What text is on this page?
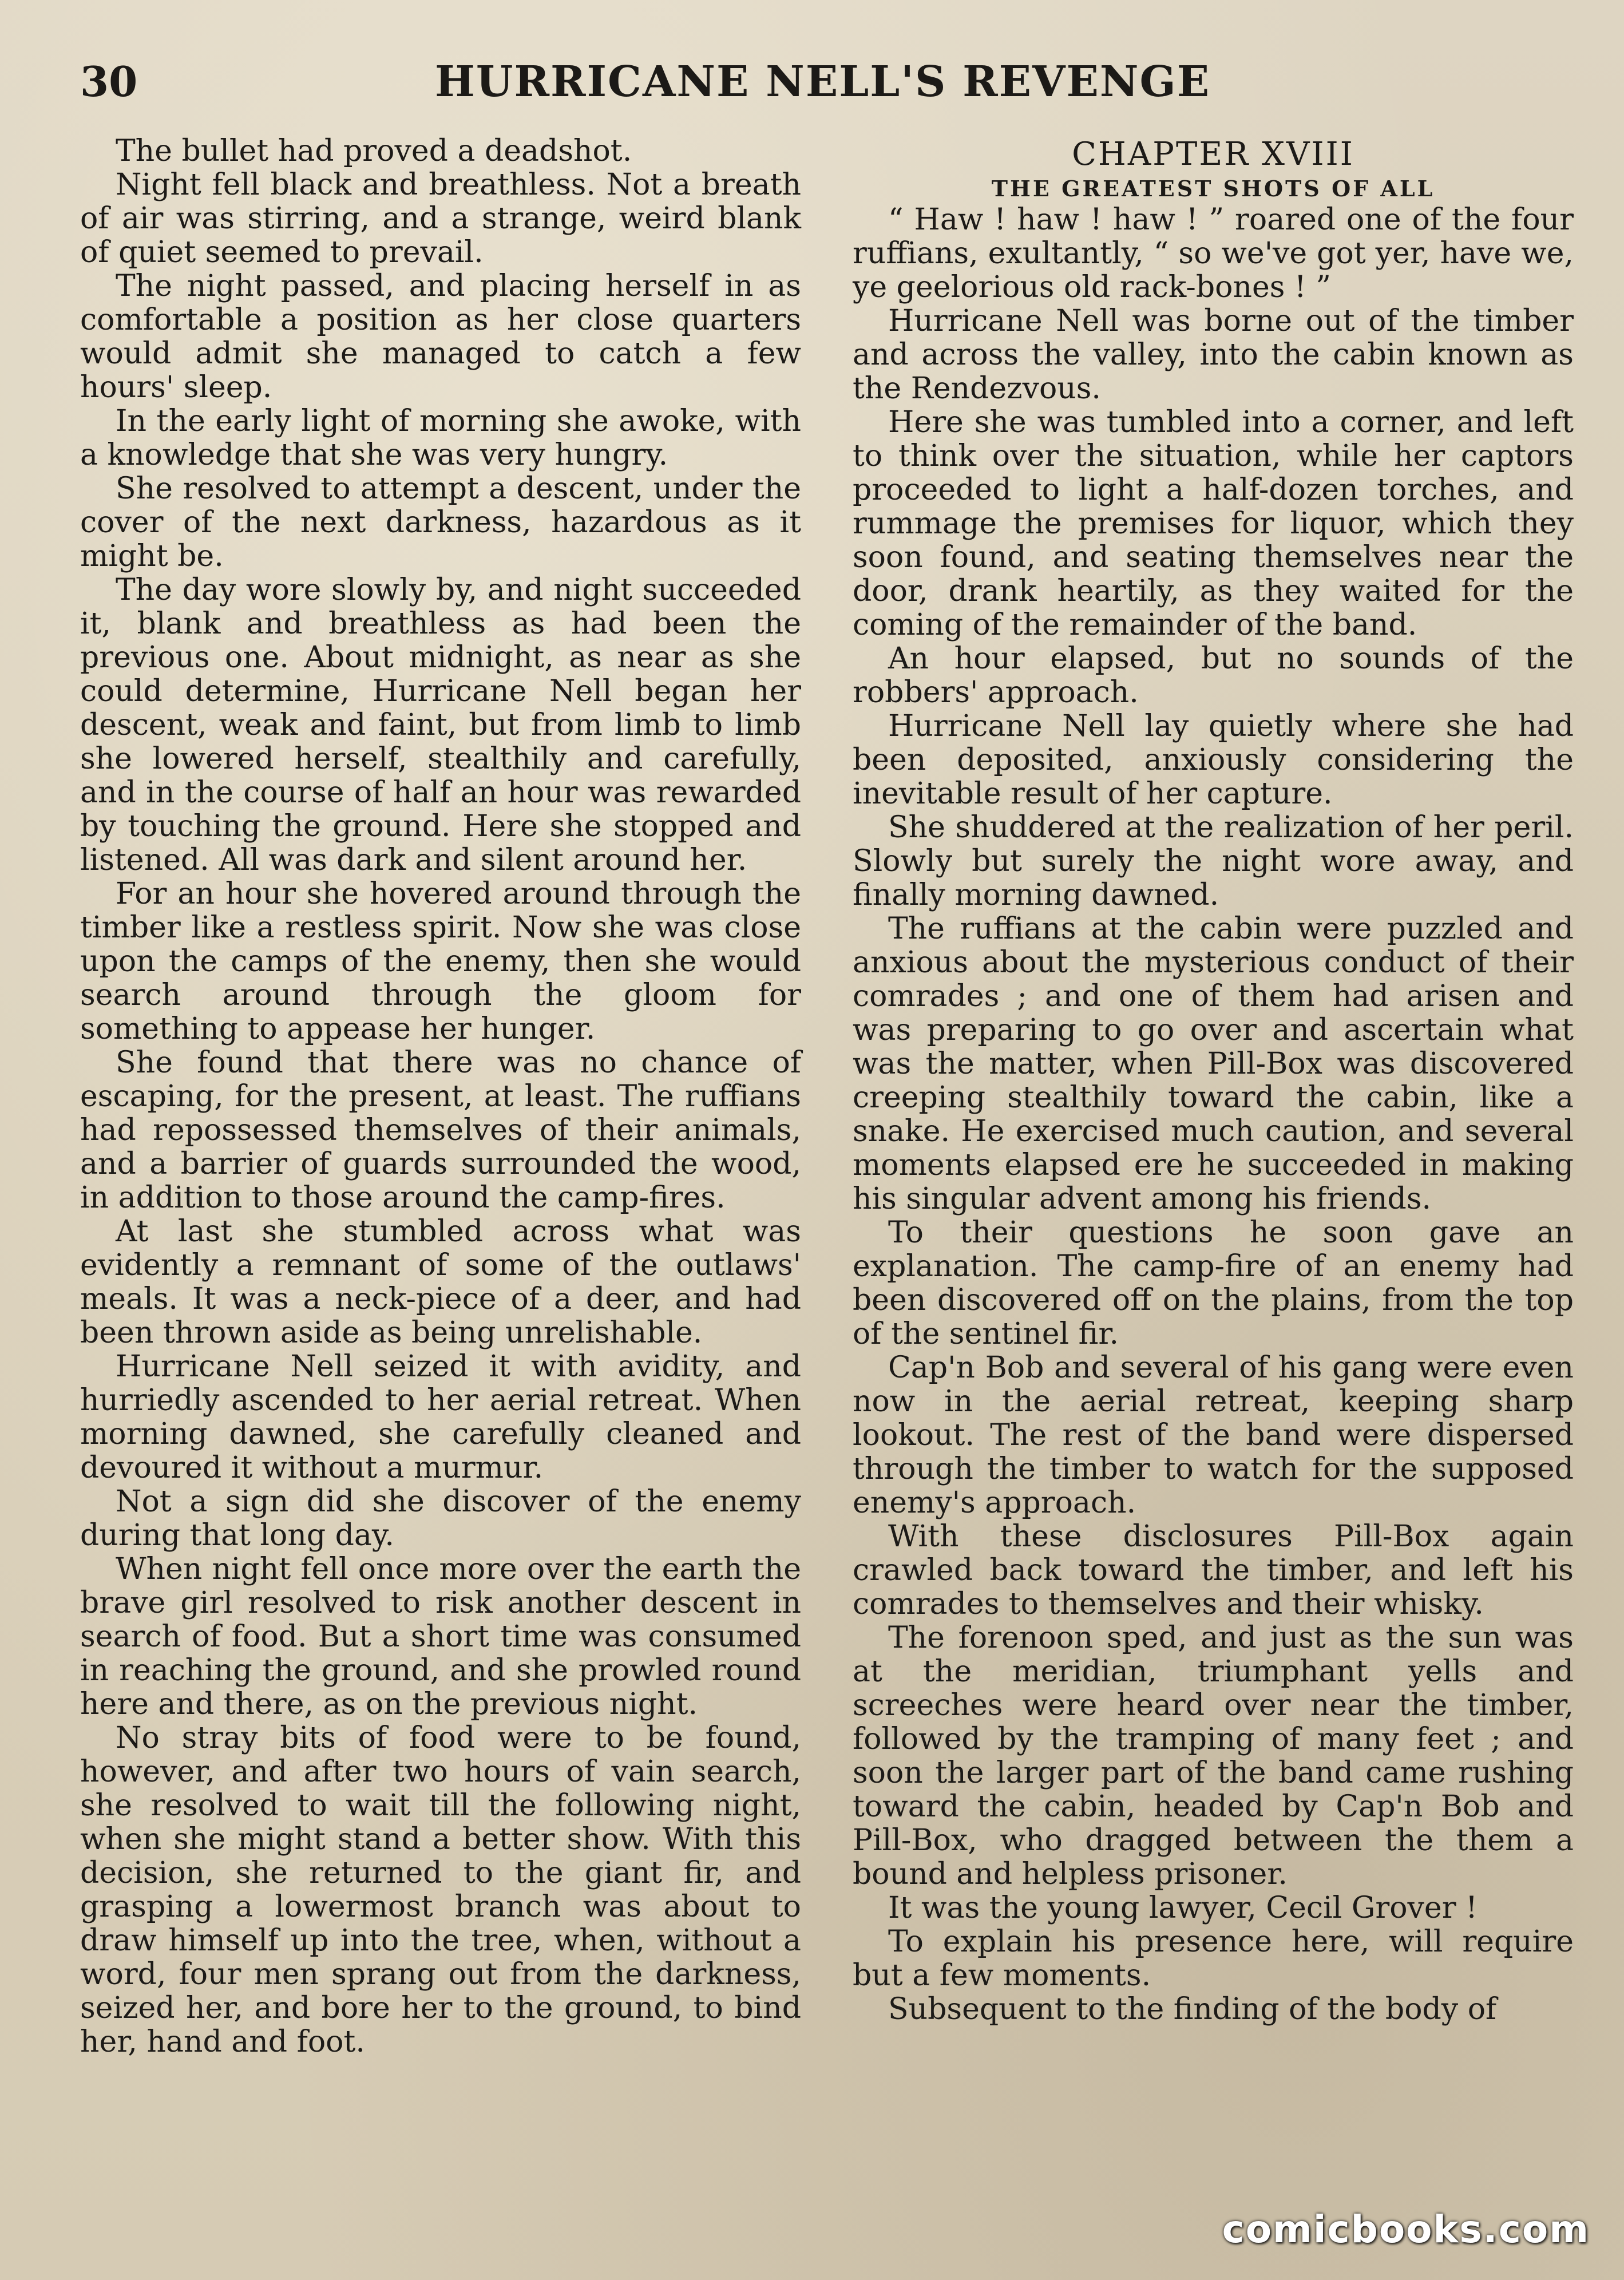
30	HURRICANE NELL'S REVENGE

The bullet had proved a deadshot.

Night fell black and breathless. Not a breath of air was stirring, and a strange, weird blank of quiet seemed to prevail.

The night passed, and placing herself in as comfortable a position as her close quarters would admit she managed to catch a few hours' sleep.

In the early light of morning she awoke, with a knowledge that she was very hungry.

She resolved to attempt a descent, under the cover of the next darkness, hazardous as it might be.

The day wore slowly by, and night succeeded it, blank and breathless as had been the previous one. About midnight, as near as she could determine, Hurricane Nell began her descent, weak and faint, but from limb to limb she lowered herself, stealthily and carefully, and in the course of half an hour was rewarded by touching the ground. Here she stopped and listened. All was dark and silent around her.

For an hour she hovered around through the timber like a restless spirit. Now she was close upon the camps of the enemy, then she would search around through the gloom for something to appease her hunger.

She found that there was no chance of escaping, for the present, at least. The ruffians had repossessed themselves of their animals, and a barrier of guards surrounded the wood, in addition to those around the camp-fires.

At last she stumbled across what was evidently a remnant of some of the outlaws' meals. It was a neck-piece of a deer, and had been thrown aside as being unrelishable.

Hurricane Nell seized it with avidity, and hurriedly ascended to her aerial retreat. When morning dawned, she carefully cleaned and devoured it without a murmur.

Not a sign did she discover of the enemy during that long day.

When night fell once more over the earth the brave girl resolved to risk another descent in search of food. But a short time was consumed in reaching the ground, and she prowled round here and there, as on the previous night.

No stray bits of food were to be found, however, and after two hours of vain search, she resolved to wait till the following night, when she might stand a better show. With this decision, she returned to the giant fir, and grasping a lowermost branch was about to draw himself up into the tree, when, without a word, four men sprang out from the darkness, seized her, and bore her to the ground, to bind her, hand and foot.

CHAPTER XVIII

THE GREATEST SHOTS OF ALL

“ Haw ! haw ! haw ! ” roared one of the four ruffians, exultantly, “ so we've got yer, have we, ye geelorious old rack-bones ! ”

Hurricane Nell was borne out of the timber and across the valley, into the cabin known as the Rendezvous.

Here she was tumbled into a corner, and left to think over the situation, while her captors proceeded to light a half-dozen torches, and rummage the premises for liquor, which they soon found, and seating themselves near the door, drank heartily, as they waited for the coming of the remainder of the band.

An hour elapsed, but no sounds of the robbers' approach.

Hurricane Nell lay quietly where she had been deposited, anxiously considering the inevitable result of her capture.

She shuddered at the realization of her peril. Slowly but surely the night wore away, and finally morning dawned.

The ruffians at the cabin were puzzled and anxious about the mysterious conduct of their comrades ; and one of them had arisen and was preparing to go over and ascertain what was the matter, when Pill-Box was discovered creeping stealthily toward the cabin, like a snake. He exercised much caution, and several moments elapsed ere he succeeded in making his singular advent among his friends.

To their questions he soon gave an explanation. The camp-fire of an enemy had been discovered off on the plains, from the top of the sentinel fir.

Cap'n Bob and several of his gang were even now in the aerial retreat, keeping sharp lookout. The rest of the band were dispersed through the timber to watch for the supposed enemy's approach.

With these disclosures Pill-Box again crawled back toward the timber, and left his comrades to themselves and their whisky.

The forenoon sped, and just as the sun was at the meridian, triumphant yells and screeches were heard over near the timber, followed by the tramping of many feet ; and soon the larger part of the band came rushing toward the cabin, headed by Cap'n Bob and Pill-Box, who dragged between the them a bound and helpless prisoner.

It was the young lawyer, Cecil Grover !

To explain his presence here, will require but a few moments.

Subsequent to the finding of the body of

comicbooks.com
